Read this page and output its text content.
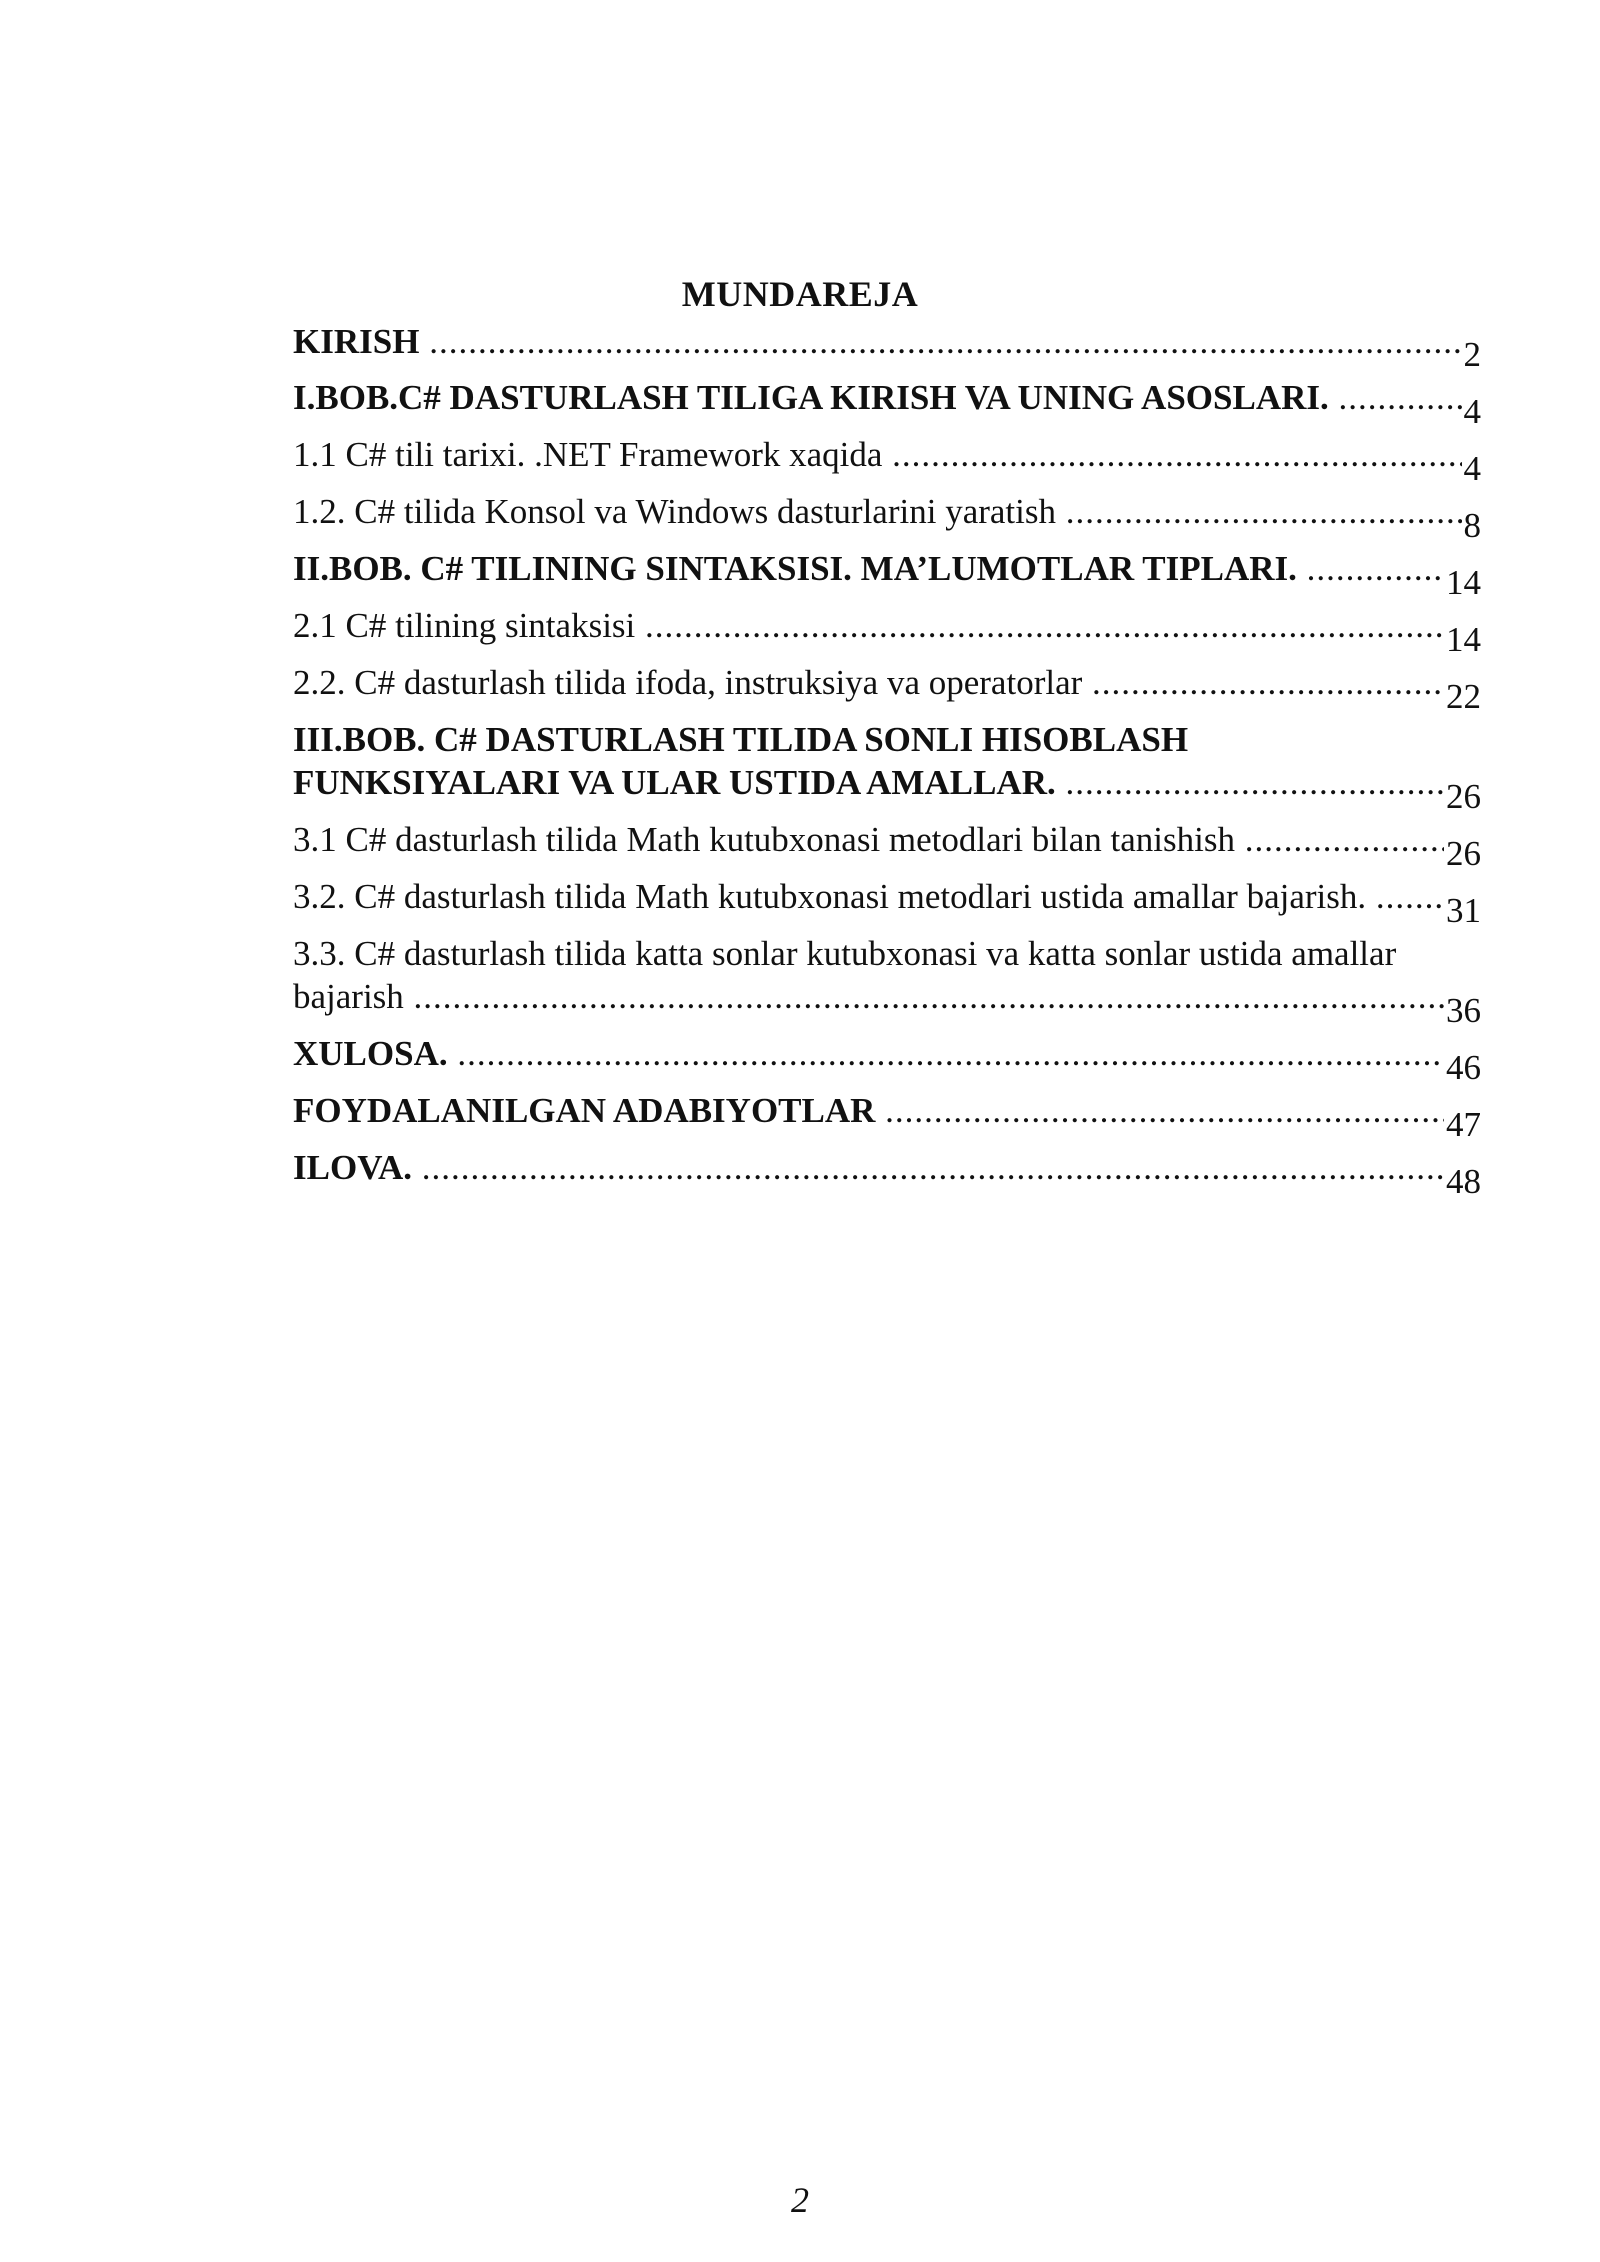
MUNDAREJA
KIRISH .....	2
I.BOB.C# DASTURLASH TILIGA KIRISH VA UNING ASOSLARI. .....	4
1.1 C# tili tarixi. .NET Framework xaqida .....	4
1.2. C# tilida Konsol va Windows dasturlarini yaratish .....	8
II.BOB. C# TILINING SINTAKSISI. MA’LUMOTLAR TIPLARI. .....	14
2.1 C# tilining sintaksisi .....	14
2.2. C# dasturlash tilida ifoda, instruksiya va operatorlar .....	22
III.BOB. C# DASTURLASH TILIDA SONLI HISOBLASH
FUNKSIYALARI VA ULAR USTIDA AMALLAR. .....	26
3.1 C# dasturlash tilida Math kutubxonasi metodlari bilan tanishish .....	26
3.2. C# dasturlash tilida Math kutubxonasi metodlari ustida amallar bajarish. .....	31
3.3. C# dasturlash tilida katta sonlar kutubxonasi va katta sonlar ustida amallar
bajarish .....	36
XULOSA. .....	46
FOYDALANILGAN ADABIYOTLAR .....	47
ILOVA. .....	48
2
